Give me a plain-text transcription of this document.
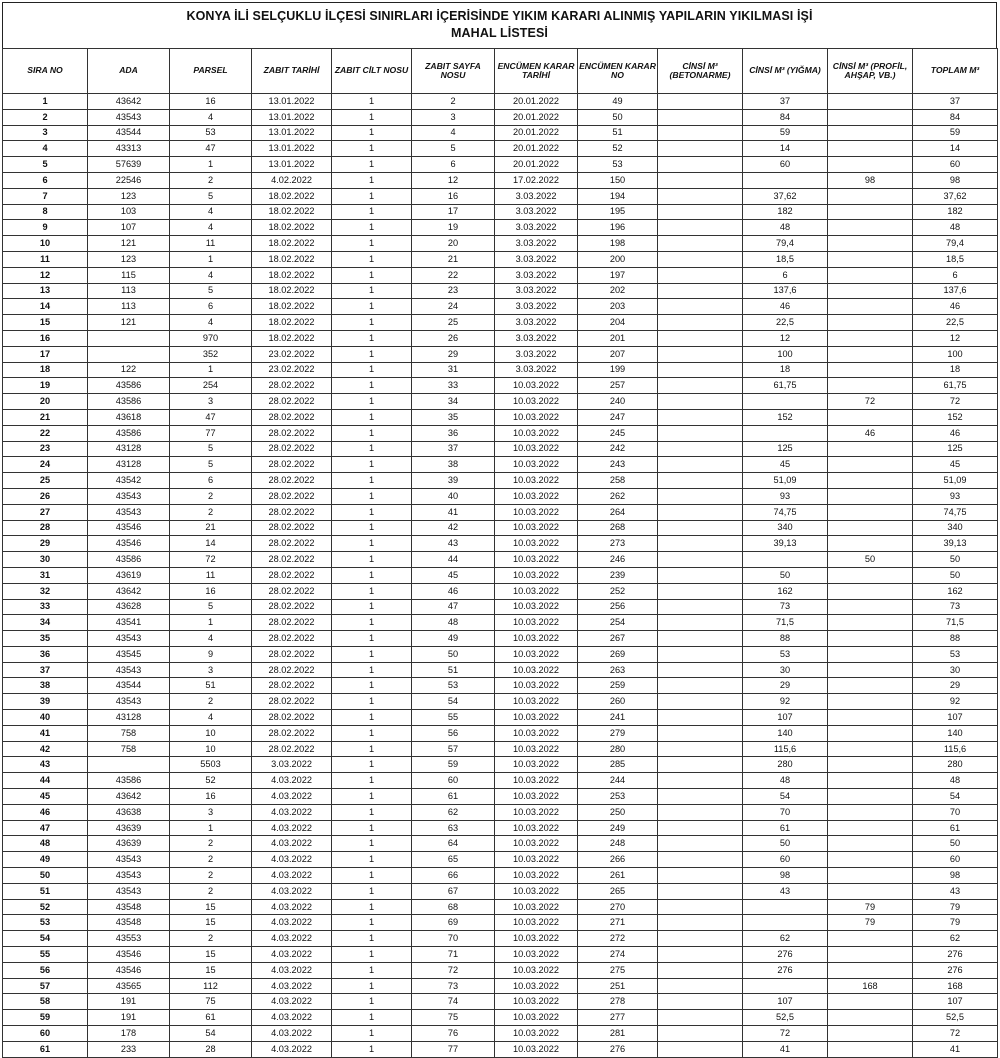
KONYA İLİ SELÇUKLU İLÇESİ SINIRLARI İÇERİSİNDE YIKIM KARARI ALINMIŞ YAPILARIN YIKILMASI İŞİ
MAHAL LİSTESİ
SIRA NO	ADA	PARSEL	ZABIT TARİHİ	ZABIT CİLT NOSU	ZABIT SAYFA NOSU	ENCÜMEN KARAR TARİHİ	ENCÜMEN KARAR NO	CİNSİ M³ (BETONARME)	CİNSİ M³ (YIĞMA)	CİNSİ M³ (PROFİL, AHŞAP, VB.)	TOPLAM M³
1	43642	16	13.01.2022	1	2	20.01.2022	49		37		37
2	43543	4	13.01.2022	1	3	20.01.2022	50		84		84
3	43544	53	13.01.2022	1	4	20.01.2022	51		59		59
4	43313	47	13.01.2022	1	5	20.01.2022	52		14		14
5	57639	1	13.01.2022	1	6	20.01.2022	53		60		60
6	22546	2	4.02.2022	1	12	17.02.2022	150			98	98
7	123	5	18.02.2022	1	16	3.03.2022	194		37,62		37,62
8	103	4	18.02.2022	1	17	3.03.2022	195		182		182
9	107	4	18.02.2022	1	19	3.03.2022	196		48		48
10	121	11	18.02.2022	1	20	3.03.2022	198		79,4		79,4
11	123	1	18.02.2022	1	21	3.03.2022	200		18,5		18,5
12	115	4	18.02.2022	1	22	3.03.2022	197		6		6
13	113	5	18.02.2022	1	23	3.03.2022	202		137,6		137,6
14	113	6	18.02.2022	1	24	3.03.2022	203		46		46
15	121	4	18.02.2022	1	25	3.03.2022	204		22,5		22,5
16		970	18.02.2022	1	26	3.03.2022	201		12		12
17		352	23.02.2022	1	29	3.03.2022	207		100		100
18	122	1	23.02.2022	1	31	3.03.2022	199		18		18
19	43586	254	28.02.2022	1	33	10.03.2022	257		61,75		61,75
20	43586	3	28.02.2022	1	34	10.03.2022	240			72	72
21	43618	47	28.02.2022	1	35	10.03.2022	247		152		152
22	43586	77	28.02.2022	1	36	10.03.2022	245			46	46
23	43128	5	28.02.2022	1	37	10.03.2022	242		125		125
24	43128	5	28.02.2022	1	38	10.03.2022	243		45		45
25	43542	6	28.02.2022	1	39	10.03.2022	258		51,09		51,09
26	43543	2	28.02.2022	1	40	10.03.2022	262		93		93
27	43543	2	28.02.2022	1	41	10.03.2022	264		74,75		74,75
28	43546	21	28.02.2022	1	42	10.03.2022	268		340		340
29	43546	14	28.02.2022	1	43	10.03.2022	273		39,13		39,13
30	43586	72	28.02.2022	1	44	10.03.2022	246			50	50
31	43619	11	28.02.2022	1	45	10.03.2022	239		50		50
32	43642	16	28.02.2022	1	46	10.03.2022	252		162		162
33	43628	5	28.02.2022	1	47	10.03.2022	256		73		73
34	43541	1	28.02.2022	1	48	10.03.2022	254		71,5		71,5
35	43543	4	28.02.2022	1	49	10.03.2022	267		88		88
36	43545	9	28.02.2022	1	50	10.03.2022	269		53		53
37	43543	3	28.02.2022	1	51	10.03.2022	263		30		30
38	43544	51	28.02.2022	1	53	10.03.2022	259		29		29
39	43543	2	28.02.2022	1	54	10.03.2022	260		92		92
40	43128	4	28.02.2022	1	55	10.03.2022	241		107		107
41	758	10	28.02.2022	1	56	10.03.2022	279		140		140
42	758	10	28.02.2022	1	57	10.03.2022	280		115,6		115,6
43		5503	3.03.2022	1	59	10.03.2022	285		280		280
44	43586	52	4.03.2022	1	60	10.03.2022	244		48		48
45	43642	16	4.03.2022	1	61	10.03.2022	253		54		54
46	43638	3	4.03.2022	1	62	10.03.2022	250		70		70
47	43639	1	4.03.2022	1	63	10.03.2022	249		61		61
48	43639	2	4.03.2022	1	64	10.03.2022	248		50		50
49	43543	2	4.03.2022	1	65	10.03.2022	266		60		60
50	43543	2	4.03.2022	1	66	10.03.2022	261		98		98
51	43543	2	4.03.2022	1	67	10.03.2022	265		43		43
52	43548	15	4.03.2022	1	68	10.03.2022	270			79	79
53	43548	15	4.03.2022	1	69	10.03.2022	271			79	79
54	43553	2	4.03.2022	1	70	10.03.2022	272		62		62
55	43546	15	4.03.2022	1	71	10.03.2022	274		276		276
56	43546	15	4.03.2022	1	72	10.03.2022	275		276		276
57	43565	112	4.03.2022	1	73	10.03.2022	251			168	168
58	191	75	4.03.2022	1	74	10.03.2022	278		107		107
59	191	61	4.03.2022	1	75	10.03.2022	277		52,5		52,5
60	178	54	4.03.2022	1	76	10.03.2022	281		72		72
61	233	28	4.03.2022	1	77	10.03.2022	276		41		41
